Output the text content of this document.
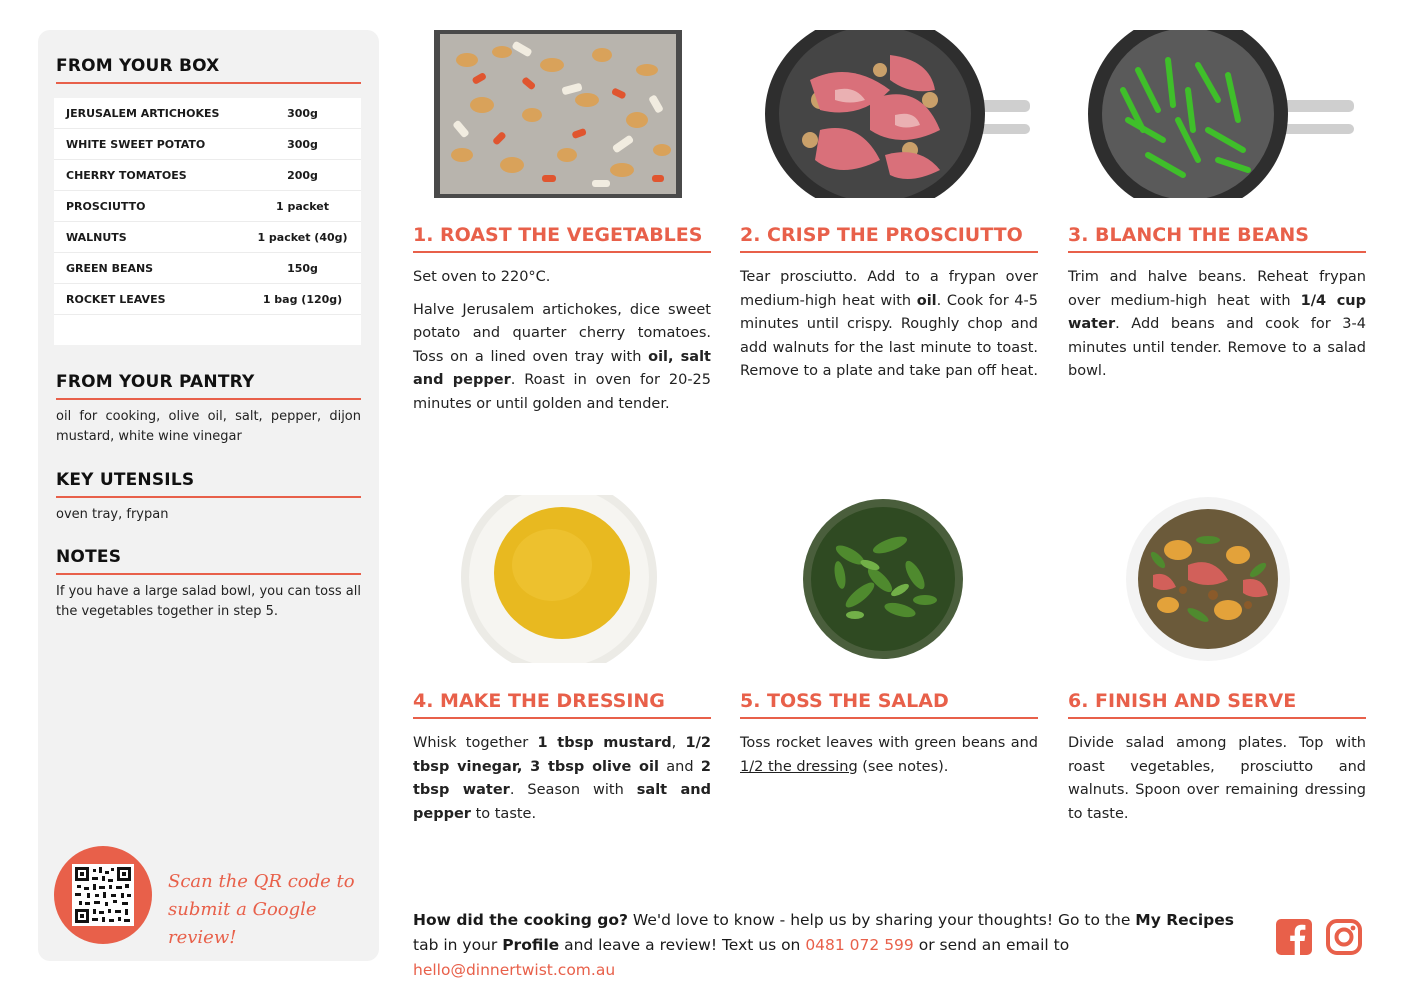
FROM YOUR BOX
JERUSALEM ARTICHOKES	300g
WHITE SWEET POTATO	300g
CHERRY TOMATOES	200g
PROSCIUTTO	1 packet
WALNUTS	1 packet (40g)
GREEN BEANS	150g
ROCKET LEAVES	1 bag (120g)
FROM YOUR PANTRY
oil for cooking, olive oil, salt, pepper, dijon mustard, white wine vinegar
KEY UTENSILS
oven tray, frypan
NOTES
If you have a large salad bowl, you can toss all the vegetables together in step 5.
Scan the QR code to
submit a Google review!
1. ROAST THE VEGETABLES

Set oven to 220°C.

Halve Jerusalem artichokes, dice sweet potato and quarter cherry tomatoes. Toss on a lined oven tray with oil, salt and pepper. Roast in oven for 20-25 minutes or until golden and tender.

2. CRISP THE PROSCIUTTO

Tear prosciutto. Add to a frypan over medium-high heat with oil. Cook for 4-5 minutes until crispy. Roughly chop and add walnuts for the last minute to toast. Remove to a plate and take pan off heat.

3. BLANCH THE BEANS

Trim and halve beans. Reheat frypan over medium-high heat with 1/4 cup water. Add beans and cook for 3-4 minutes until tender. Remove to a salad bowl.

4. MAKE THE DRESSING

Whisk together 1 tbsp mustard, 1/2 tbsp vinegar, 3 tbsp olive oil and 2 tbsp water. Season with salt and pepper to taste.

5. TOSS THE SALAD

Toss rocket leaves with green beans and 1/2 the dressing (see notes).

6. FINISH AND SERVE

Divide salad among plates. Top with roast vegetables, prosciutto and walnuts. Spoon over remaining dressing to taste.

How did the cooking go? We'd love to know - help us by sharing your thoughts! Go to the My Recipes tab in your Profile and leave a review! Text us on 0481 072 599 or send an email to hello@dinnertwist.com.au
